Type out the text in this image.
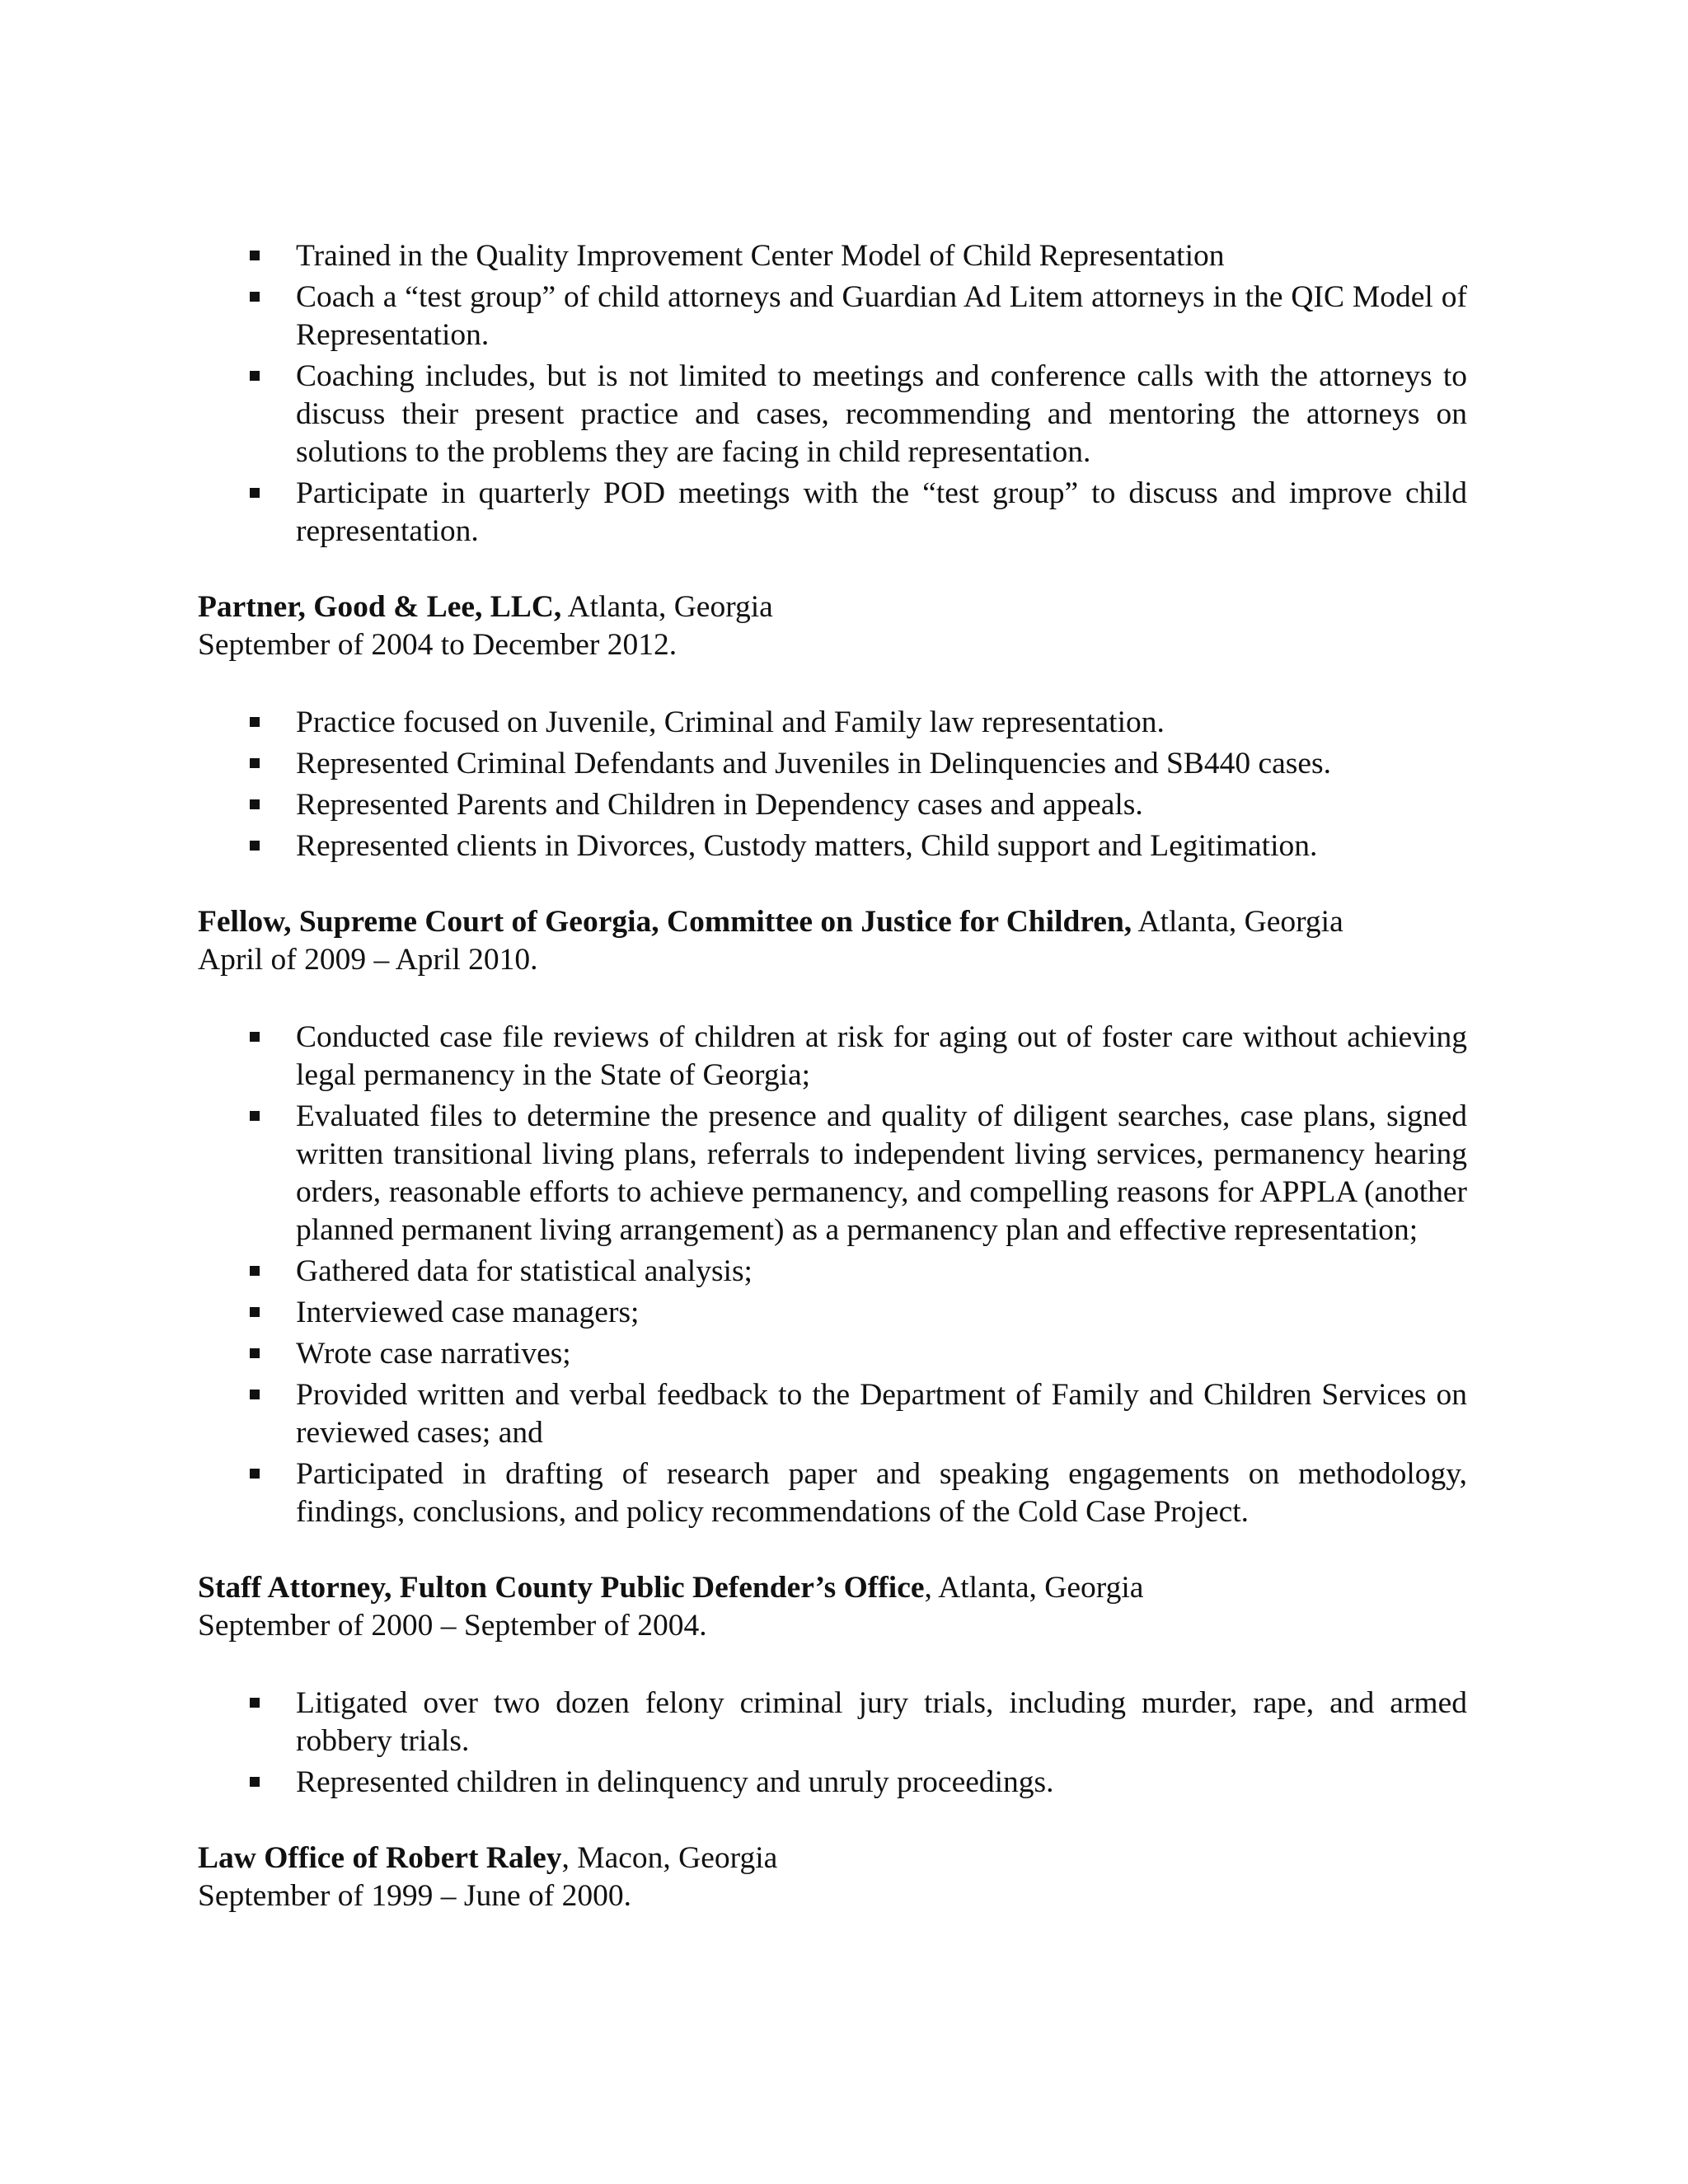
Trained in the Quality Improvement Center Model of Child Representation
Coach a “test group” of child attorneys and Guardian Ad Litem attorneys in the QIC Model of Representation.
Coaching includes, but is not limited to meetings and conference calls with the attorneys to discuss their present practice and cases, recommending and mentoring the attorneys on solutions to the problems they are facing in child representation.
Participate in quarterly POD meetings with the “test group” to discuss and improve child representation.
Partner, Good & Lee, LLC, Atlanta, Georgia
September of 2004 to December 2012.
Practice focused on Juvenile, Criminal and Family law representation.
Represented Criminal Defendants and Juveniles in Delinquencies and SB440 cases.
Represented Parents and Children in Dependency cases and appeals.
Represented clients in Divorces, Custody matters, Child support and Legitimation.
Fellow, Supreme Court of Georgia, Committee on Justice for Children, Atlanta, Georgia
April of 2009 – April 2010.
Conducted case file reviews of children at risk for aging out of foster care without achieving legal permanency in the State of Georgia;
Evaluated files to determine the presence and quality of diligent searches, case plans, signed written transitional living plans, referrals to independent living services, permanency hearing orders, reasonable efforts to achieve permanency, and compelling reasons for APPLA (another planned permanent living arrangement) as a permanency plan and effective representation;
Gathered data for statistical analysis;
Interviewed case managers;
Wrote case narratives;
Provided written and verbal feedback to the Department of Family and Children Services on reviewed cases; and
Participated in drafting of research paper and speaking engagements on methodology, findings, conclusions, and policy recommendations of the Cold Case Project.
Staff Attorney, Fulton County Public Defender’s Office, Atlanta, Georgia
September of 2000 – September of 2004.
Litigated over two dozen felony criminal jury trials, including murder, rape, and armed robbery trials.
Represented children in delinquency and unruly proceedings.
Law Office of Robert Raley, Macon, Georgia
September of 1999 – June of 2000.
